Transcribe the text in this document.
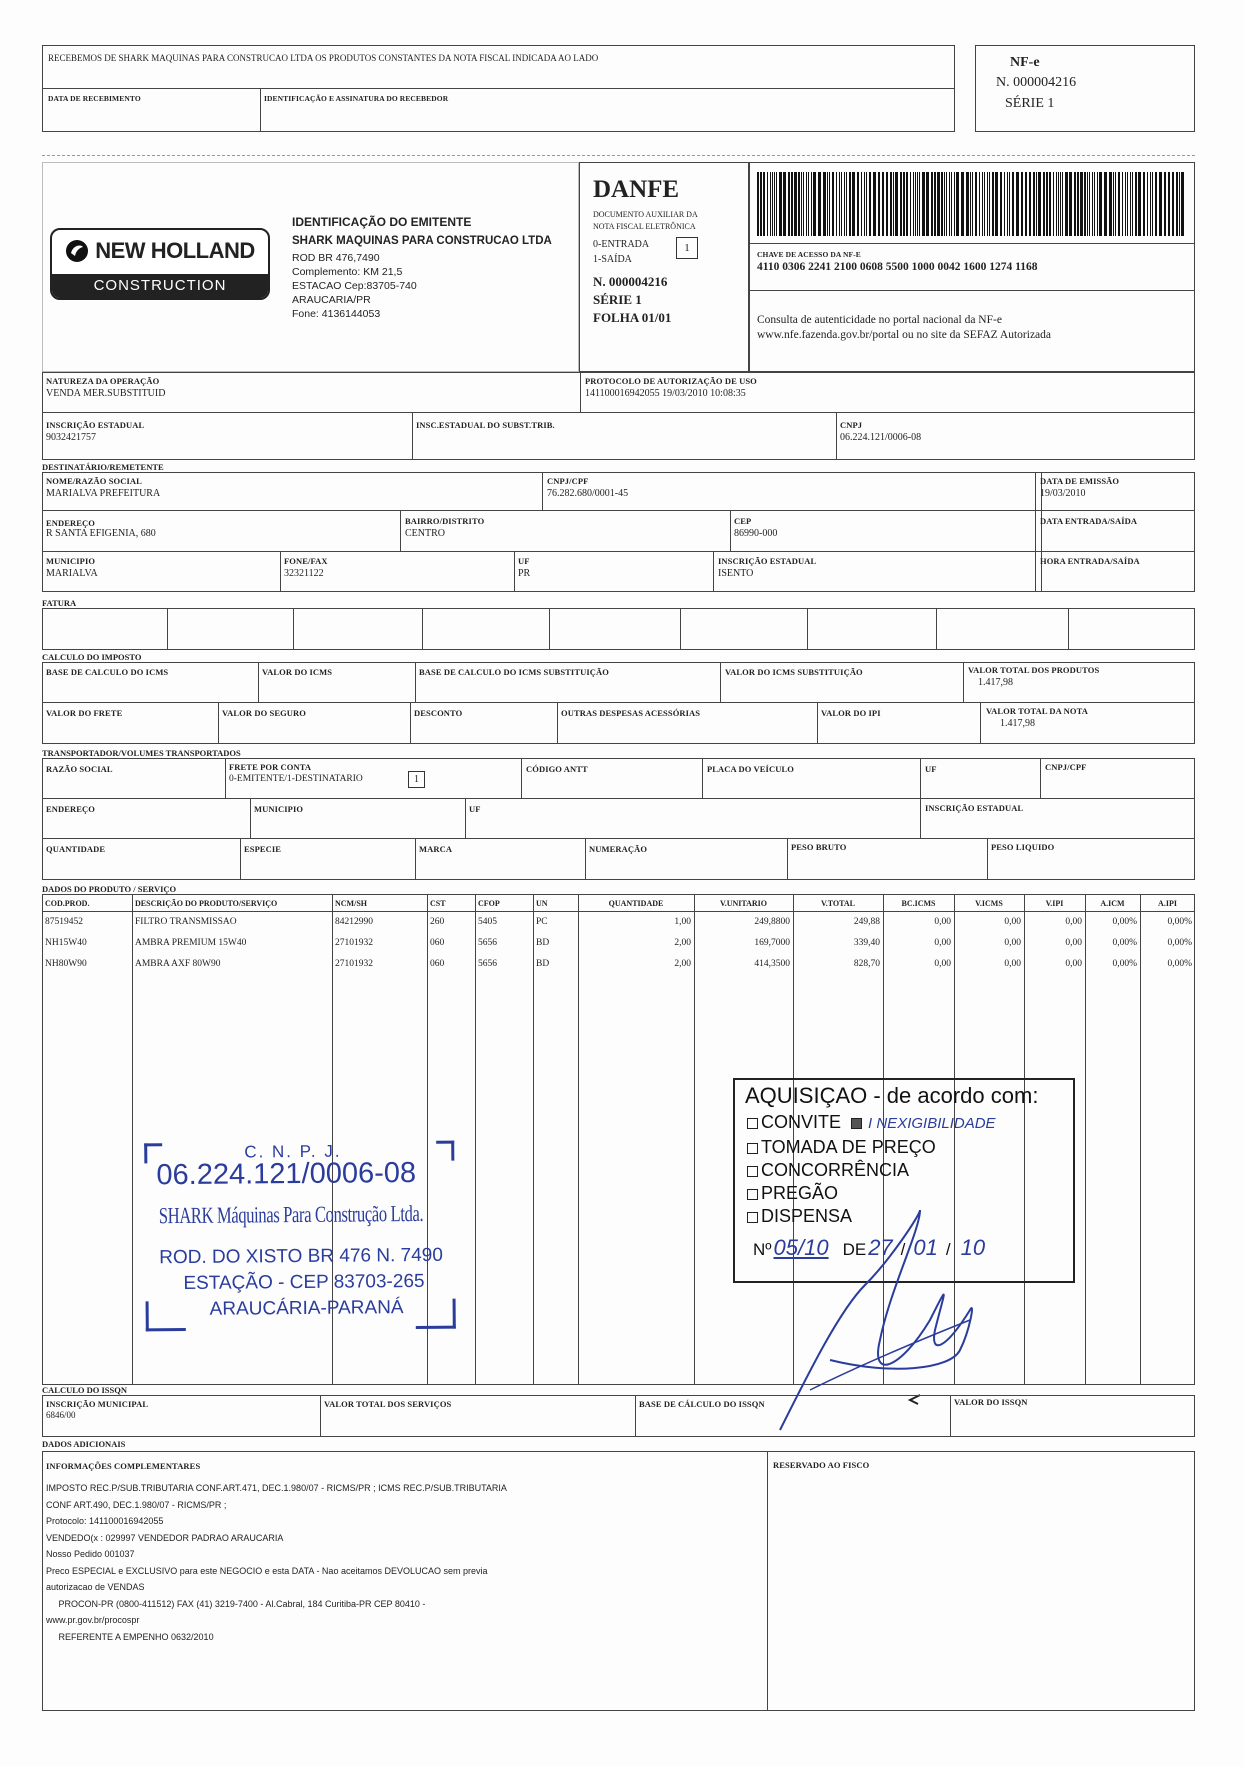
RECEBEMOS DE SHARK MAQUINAS PARA CONSTRUCAO LTDA OS PRODUTOS CONSTANTES DA NOTA FISCAL INDICADA AO LADO
DATA DE RECEBIMENTO	IDENTIFICAÇÃO E ASSINATURA DO RECEBEDOR
NF-e
N. 000004216
SÉRIE 1
NEW HOLLAND
CONSTRUCTION
IDENTIFICAÇÃO DO EMITENTE
SHARK MAQUINAS PARA CONSTRUCAO LTDA
ROD BR 476,7490
Complemento: KM 21,5
ESTACAO Cep:83705-740
ARAUCARIA/PR
Fone: 4136144053
DANFE
DOCUMENTO AUXILIAR DA
NOTA FISCAL ELETRÔNICA
0-ENTRADA
1-SAÍDA
1
N. 000004216
SÉRIE 1
FOLHA 01/01
CHAVE DE ACESSO DA NF-E
4110 0306 2241 2100 0608 5500 1000 0042 1600 1274 1168
Consulta de autenticidade no portal nacional da NF-e
www.nfe.fazenda.gov.br/portal ou no site da SEFAZ Autorizada
NATUREZA DA OPERAÇÃO
VENDA MER.SUBSTITUID
PROTOCOLO DE AUTORIZAÇÃO DE USO
141100016942055 19/03/2010 10:08:35
INSCRIÇÃO ESTADUAL
9032421757
INSC.ESTADUAL DO SUBST.TRIB.	CNPJ
06.224.121/0006-08
DESTINATÁRIO/REMETENTE
NOME/RAZÃO SOCIAL
MARIALVA PREFEITURA
CNPJ/CPF
76.282.680/0001-45
ENDEREÇO
R SANTA EFIGENIA, 680
BAIRRO/DISTRITO
CENTRO
CEP
86990-000
MUNICIPIO
MARIALVA
FONE/FAX
32321122
UF
PR
INSCRIÇÃO ESTADUAL
ISENTO
DATA DE EMISSÃO
19/03/2010
DATA ENTRADA/SAÍDA
HORA ENTRADA/SAÍDA
FATURA
CALCULO DO IMPOSTO
BASE DE CALCULO DO ICMS	VALOR DO ICMS	BASE DE CALCULO DO ICMS SUBSTITUIÇÃO	VALOR DO ICMS SUBSTITUIÇÃO	VALOR TOTAL DOS PRODUTOS
1.417,98
VALOR DO FRETE	VALOR DO SEGURO	DESCONTO	OUTRAS DESPESAS ACESSÓRIAS	VALOR DO IPI	VALOR TOTAL DA NOTA
1.417,98
TRANSPORTADOR/VOLUMES TRANSPORTADOS
RAZÃO SOCIAL	FRETE POR CONTA
0-EMITENTE/1-DESTINATARIO	1
CÓDIGO ANTT	PLACA DO VEÍCULO	UF	CNPJ/CPF
ENDEREÇO	MUNICIPIO	UF	INSCRIÇÃO ESTADUAL
QUANTIDADE	ESPECIE	MARCA	NUMERAÇÃO	PESO BRUTO	PESO LIQUIDO
DADOS DO PRODUTO / SERVIÇO
COD.PROD.	DESCRIÇÃO DO PRODUTO/SERVIÇO	NCM/SH	CST	CFOP	UN	QUANTIDADE	V.UNITARIO	V.TOTAL	BC.ICMS	V.ICMS	V.IPI	A.ICM	A.IPI
87519452	FILTRO TRANSMISSAO	84212990	260	5405	PC	1,00	249,8800	249,88	0,00	0,00	0,00	0,00%	0,00%
NH15W40	AMBRA PREMIUM 15W40	27101932	060	5656	BD	2,00	169,7000	339,40	0,00	0,00	0,00	0,00%	0,00%
NH80W90	AMBRA AXF 80W90	27101932	060	5656	BD	2,00	414,3500	828,70	0,00	0,00	0,00	0,00%	0,00%
C. N. P. J.
06.224.121/0006-08
SHARK Máquinas Para Construção Ltda.
ROD. DO XISTO BR 476 N. 7490
ESTAÇÃO - CEP 83703-265
ARAUCÁRIA-PARANÁ
AQUISIÇAO - de acordo com:
CONVITE I NEXIGIBILIDADE
TOMADA DE PREÇO
CONCORRÊNCIA
PREGÃO
DISPENSA
Nº05/10 DE27 / 01 / 10
CALCULO DO ISSQN
INSCRIÇÃO MUNICIPAL
6846/00
VALOR TOTAL DOS SERVIÇOS	BASE DE CÁLCULO DO ISSQN	VALOR DO ISSQN
DADOS ADICIONAIS
INFORMAÇÕES COMPLEMENTARES	RESERVADO AO FISCO
IMPOSTO REC.P/SUB.TRIBUTARIA CONF.ART.471, DEC.1.980/07 - RICMS/PR ; ICMS REC.P/SUB.TRIBUTARIA
CONF ART.490, DEC.1.980/07 - RICMS/PR ;
Protocolo: 141100016942055
VENDEDO(x : 029997 VENDEDOR PADRAO ARAUCARIA
Nosso Pedido 001037
Preco ESPECIAL e EXCLUSIVO para este NEGOCIO e esta DATA - Nao aceitamos DEVOLUCAO sem previa
autorizacao de VENDAS
PROCON-PR (0800-411512) FAX (41) 3219-7400 - Al.Cabral, 184 Curitiba-PR CEP 80410 -
www.pr.gov.br/procospr
REFERENTE A EMPENHO 0632/2010
